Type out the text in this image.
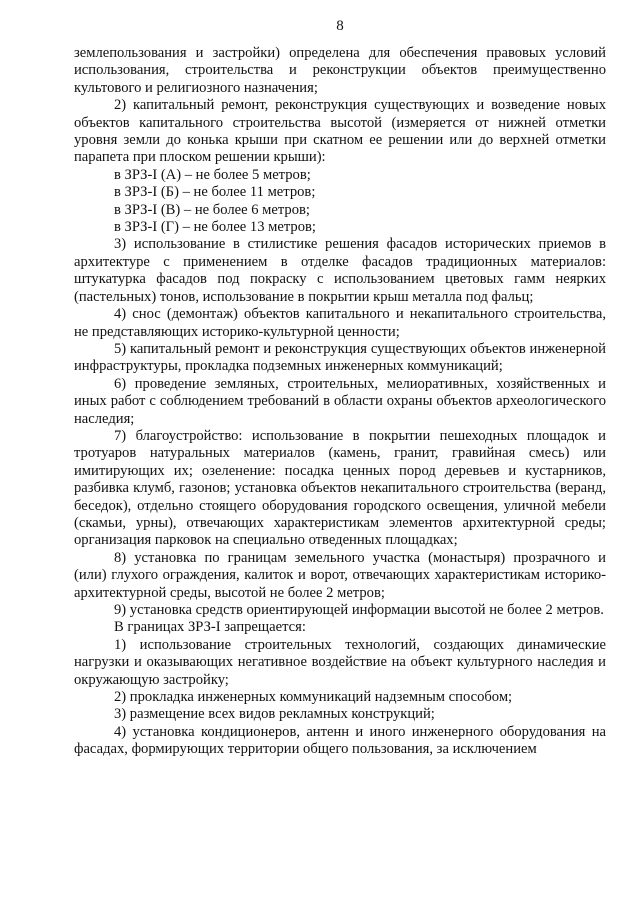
8

землепользования и застройки) определена для обеспечения правовых условий использования, строительства и реконструкции объектов преимущественно культового и религиозного назначения;

2) капитальный ремонт, реконструкция существующих и возведение новых объектов капитального строительства высотой (измеряется от нижней отметки уровня земли до конька крыши при скатном ее решении или до верхней отметки парапета при плоском решении крыши):

в ЗРЗ-I (А) – не более 5 метров;

в ЗРЗ-I (Б) – не более 11 метров;

в ЗРЗ-I (В) – не более 6 метров;

в ЗРЗ-I (Г) – не более 13 метров;

3) использование в стилистике решения фасадов исторических приемов в архитектуре с применением в отделке фасадов традиционных материалов: штукатурка фасадов под покраску с использованием цветовых гамм неярких (пастельных) тонов, использование в покрытии крыш металла под фальц;

4) снос (демонтаж) объектов капитального и некапитального строительства, не представляющих историко-культурной ценности;

5) капитальный ремонт и реконструкция существующих объектов инженерной инфраструктуры, прокладка подземных инженерных коммуникаций;

6) проведение земляных, строительных, мелиоративных, хозяйственных и иных работ с соблюдением требований в области охраны объектов археологического наследия;

7) благоустройство: использование в покрытии пешеходных площадок и тротуаров натуральных материалов (камень, гранит, гравийная смесь) или имитирующих их; озеленение: посадка ценных пород деревьев и кустарников, разбивка клумб, газонов; установка объектов некапитального строительства (веранд, беседок), отдельно стоящего оборудования городского освещения, уличной мебели (скамьи, урны), отвечающих характеристикам элементов архитектурной среды; организация парковок на специально отведенных площадках;

8) установка по границам земельного участка (монастыря) прозрачного и (или) глухого ограждения, калиток и ворот, отвечающих характеристикам историко-архитектурной среды, высотой не более 2 метров;

9) установка средств ориентирующей информации высотой не более 2 метров.

В границах ЗРЗ-I запрещается:

1) использование строительных технологий, создающих динамические нагрузки и оказывающих негативное воздействие на объект культурного наследия и окружающую застройку;

2) прокладка инженерных коммуникаций надземным способом;

3) размещение всех видов рекламных конструкций;

4) установка кондиционеров, антенн и иного инженерного оборудования на фасадах, формирующих территории общего пользования, за исключением
